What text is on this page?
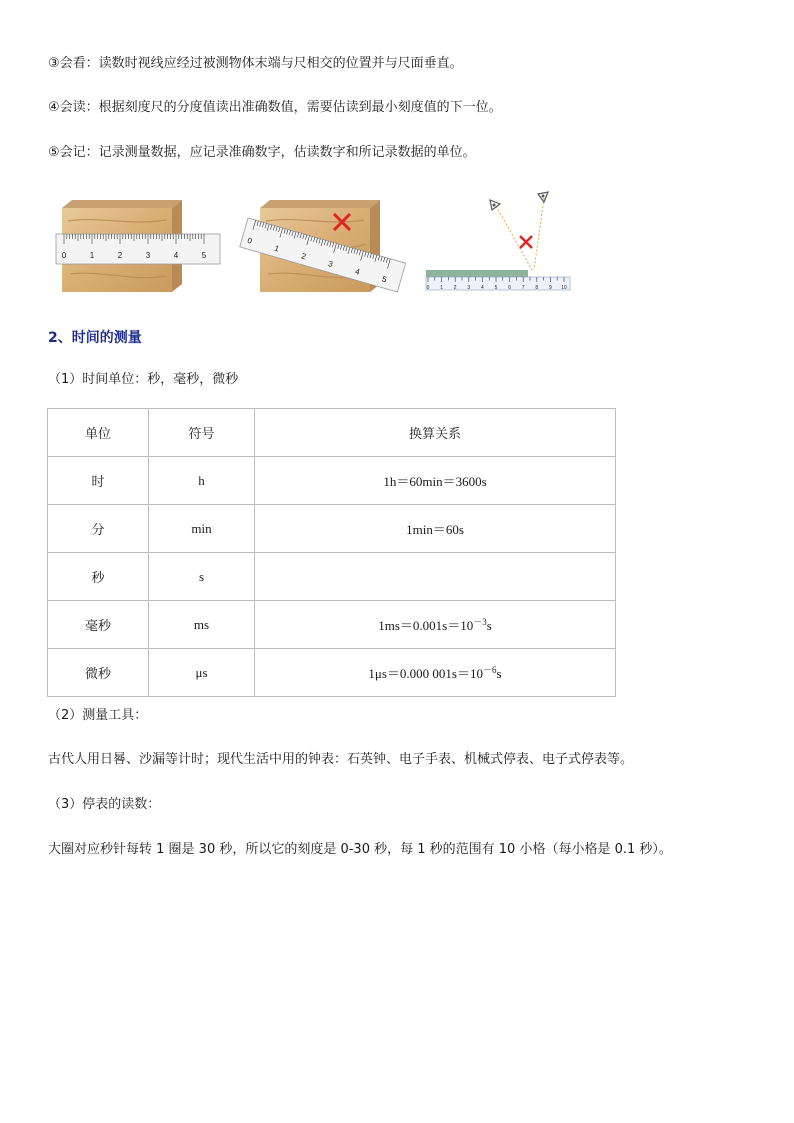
③会看：读数时视线应经过被测物体末端与尺相交的位置并与尺面垂直。
④会读：根据刻度尺的分度值读出准确数值，需要估读到最小刻度值的下一位。
⑤会记：记录测量数据，应记录准确数字，估读数字和所记录数据的单位。
0	1	2	3	4	5
0
1
2
3
4
5
0 1 2 3 4 5 6 7 8 9 10
2、时间的测量
（1）时间单位：秒，毫秒，微秒
单位	符号	换算关系
时	h	1h＝60min＝3600s
分	min	1min＝60s
秒	s	
毫秒	ms	$1ms=0.001s=10^{-3}s$
微秒	μs	1μs＝0.000 $001s=10^{-6}s$
（2）测量工具：
古代人用日晷、沙漏等计时；现代生活中用的钟表：石英钟、电子手表、机械式停表、电子式停表等。
（3）停表的读数：
大圈对应秒针每转 1 圈是 30 秒，所以它的刻度是 0-30 秒，每 1 秒的范围有 10 小格（每小格是 0.1 秒）。
